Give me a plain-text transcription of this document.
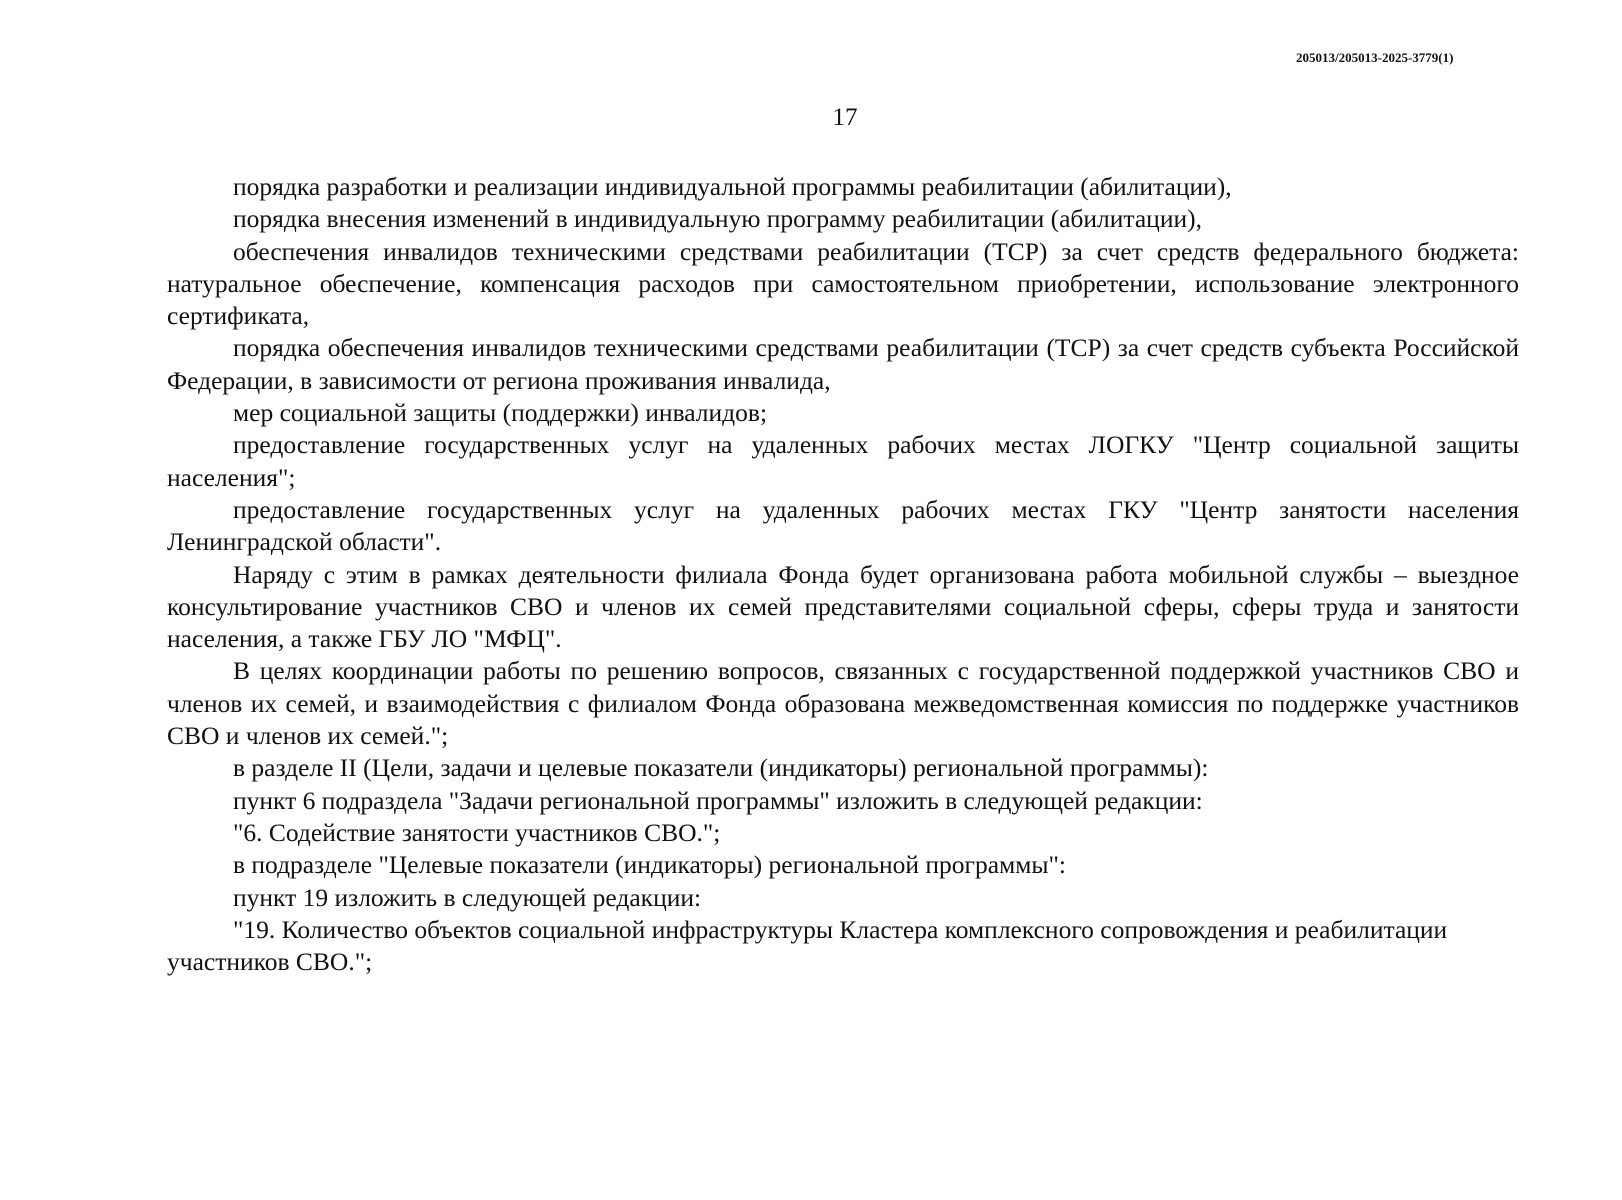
205013/205013-2025-3779(1)
17

порядка разработки и реализации индивидуальной программы реабилитации (абилитации),

порядка внесения изменений в индивидуальную программу реабилитации (абилитации),

обеспечения инвалидов техническими средствами реабилитации (ТСР) за счет средств федерального бюджета: натуральное обеспечение, компенсация расходов при самостоятельном приобретении, использование электронного сертификата,

порядка обеспечения инвалидов техническими средствами реабилитации (ТСР) за счет средств субъекта Российской Федерации, в зависимости от региона проживания инвалида,

мер социальной защиты (поддержки) инвалидов;

предоставление государственных услуг на удаленных рабочих местах ЛОГКУ "Центр социальной защиты населения";

предоставление государственных услуг на удаленных рабочих местах ГКУ "Центр занятости населения Ленинградской области".

Наряду с этим в рамках деятельности филиала Фонда будет организована работа мобильной службы – выездное консультирование участников СВО и членов их семей представителями социальной сферы, сферы труда и занятости населения, а также ГБУ ЛО "МФЦ".

В целях координации работы по решению вопросов, связанных с государственной поддержкой участников СВО и членов их семей, и взаимодействия с филиалом Фонда образована межведомственная комиссия по поддержке участников СВО и членов их семей.";

в разделе II (Цели, задачи и целевые показатели (индикаторы) региональной программы):

пункт 6 подраздела "Задачи региональной программы" изложить в следующей редакции:

"6. Содействие занятости участников СВО.";

в подразделе "Целевые показатели (индикаторы) региональной программы":

пункт 19 изложить в следующей редакции:

"19. Количество объектов социальной инфраструктуры Кластера комплексного сопровождения и реабилитации участников СВО.";
